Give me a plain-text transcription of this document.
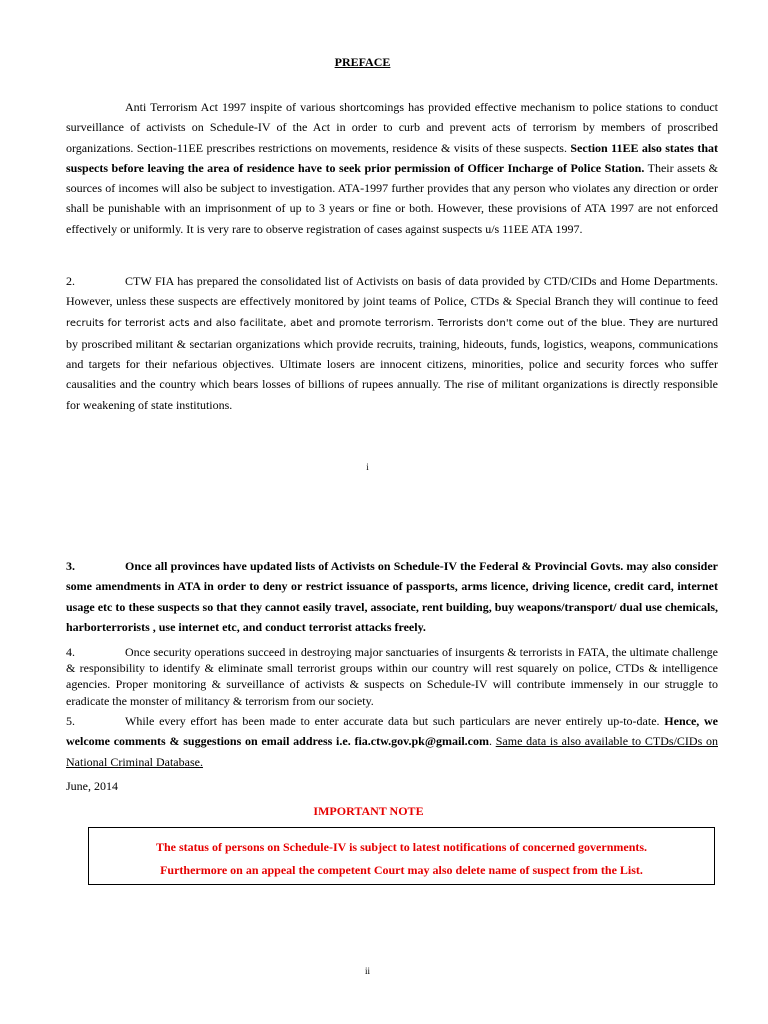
PREFACE

Anti Terrorism Act 1997 inspite of various shortcomings has provided effective mechanism to police stations to conduct surveillance of activists on Schedule-IV of the Act in order to curb and prevent acts of terrorism by members of proscribed organizations. Section-11EE prescribes restrictions on movements, residence & visits of these suspects. Section 11EE also states that suspects before leaving the area of residence have to seek prior permission of Officer Incharge of Police Station. Their assets & sources of incomes will also be subject to investigation. ATA-1997 further provides that any person who violates any direction or order shall be punishable with an imprisonment of up to 3 years or fine or both. However, these provisions of ATA 1997 are not enforced effectively or uniformly. It is very rare to observe registration of cases against suspects u/s 11EE ATA 1997.

2.	CTW FIA has prepared the consolidated list of Activists on basis of data provided by CTD/CIDs and Home Departments. However, unless these suspects are effectively monitored by joint teams of Police, CTDs & Special Branch they will continue to feed recruits for terrorist acts and also facilitate, abet and promote terrorism. Terrorists don't come out of the blue. They are nurtured by proscribed militant & sectarian organizations which provide recruits, training, hideouts, funds, logistics, weapons, communications and targets for their nefarious objectives. Ultimate losers are innocent citizens, minorities, police and security forces who suffer causalities and the country which bears losses of billions of rupees annually. The rise of militant organizations is directly responsible for weakening of state institutions.

i

3.	Once all provinces have updated lists of Activists on Schedule-IV the Federal & Provincial Govts. may also consider some amendments in ATA in order to deny or restrict issuance of passports, arms licence, driving licence, credit card, internet usage etc to these suspects so that they cannot easily travel, associate, rent building, buy weapons/transport/ dual use chemicals, harborterrorists , use internet etc, and conduct terrorist attacks freely.

4.	Once security operations succeed in destroying major sanctuaries of insurgents & terrorists in FATA, the ultimate challenge & responsibility to identify & eliminate small terrorist groups within our country will rest squarely on police, CTDs & intelligence agencies. Proper monitoring & surveillance of activists & suspects on Schedule-IV will contribute immensely in our struggle to eradicate the monster of militancy & terrorism from our society.

5.	While every effort has been made to enter accurate data but such particulars are never entirely up-to-date. Hence, we welcome comments & suggestions on email address i.e. fia.ctw.gov.pk@gmail.com. Same data is also available to CTDs/CIDs on National Criminal Database.

June, 2014
IMPORTANT NOTE
The status of persons on Schedule-IV is subject to latest notifications of concerned governments.
Furthermore on an appeal the competent Court may also delete name of suspect from the List.
ii
